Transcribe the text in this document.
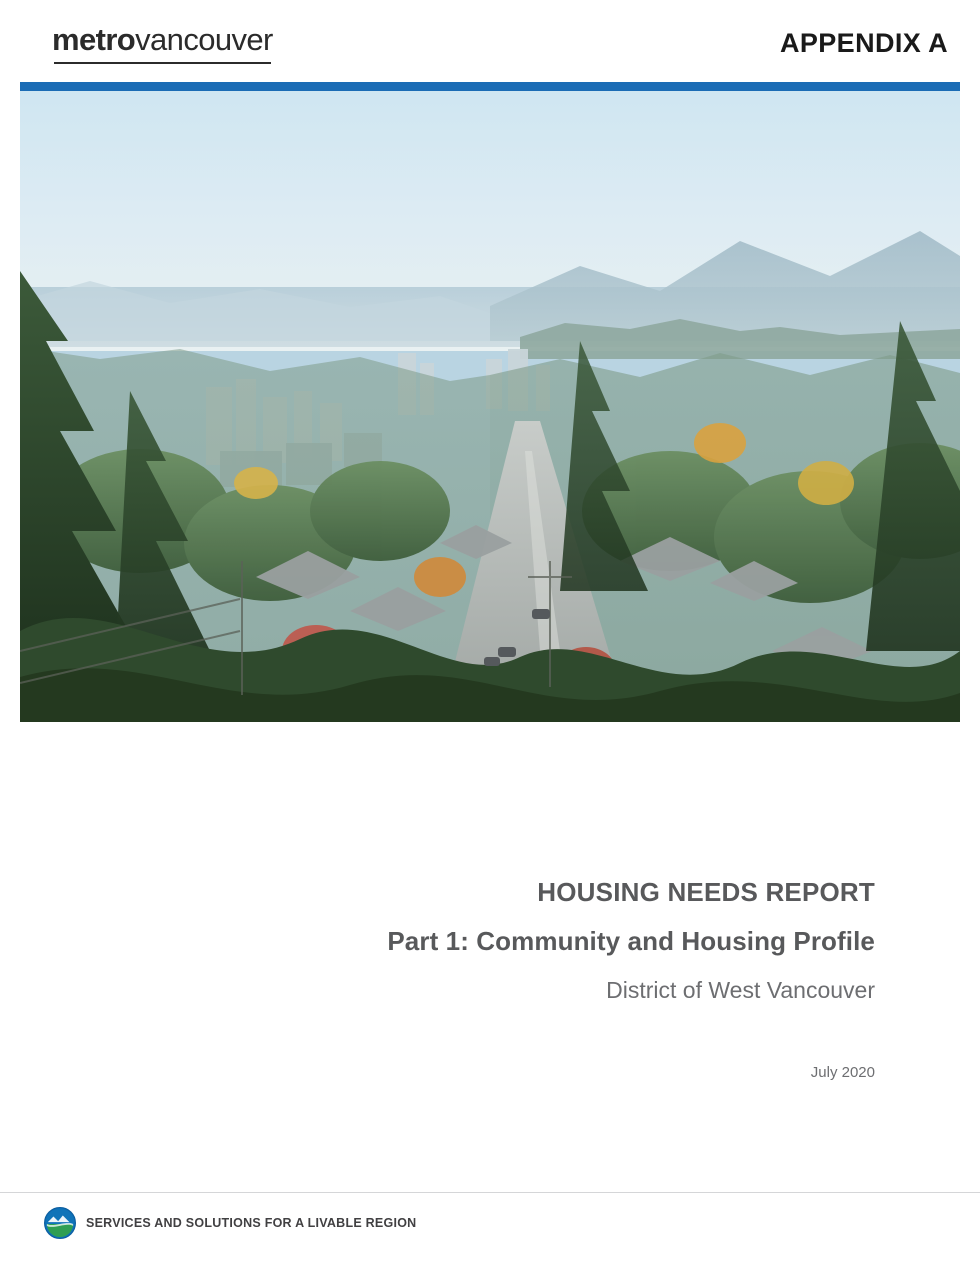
metrovancouver	APPENDIX A
HOUSING NEEDS REPORT
Part 1: Community and Housing Profile
District of West Vancouver
July 2020
SERVICES AND SOLUTIONS FOR A LIVABLE REGION
